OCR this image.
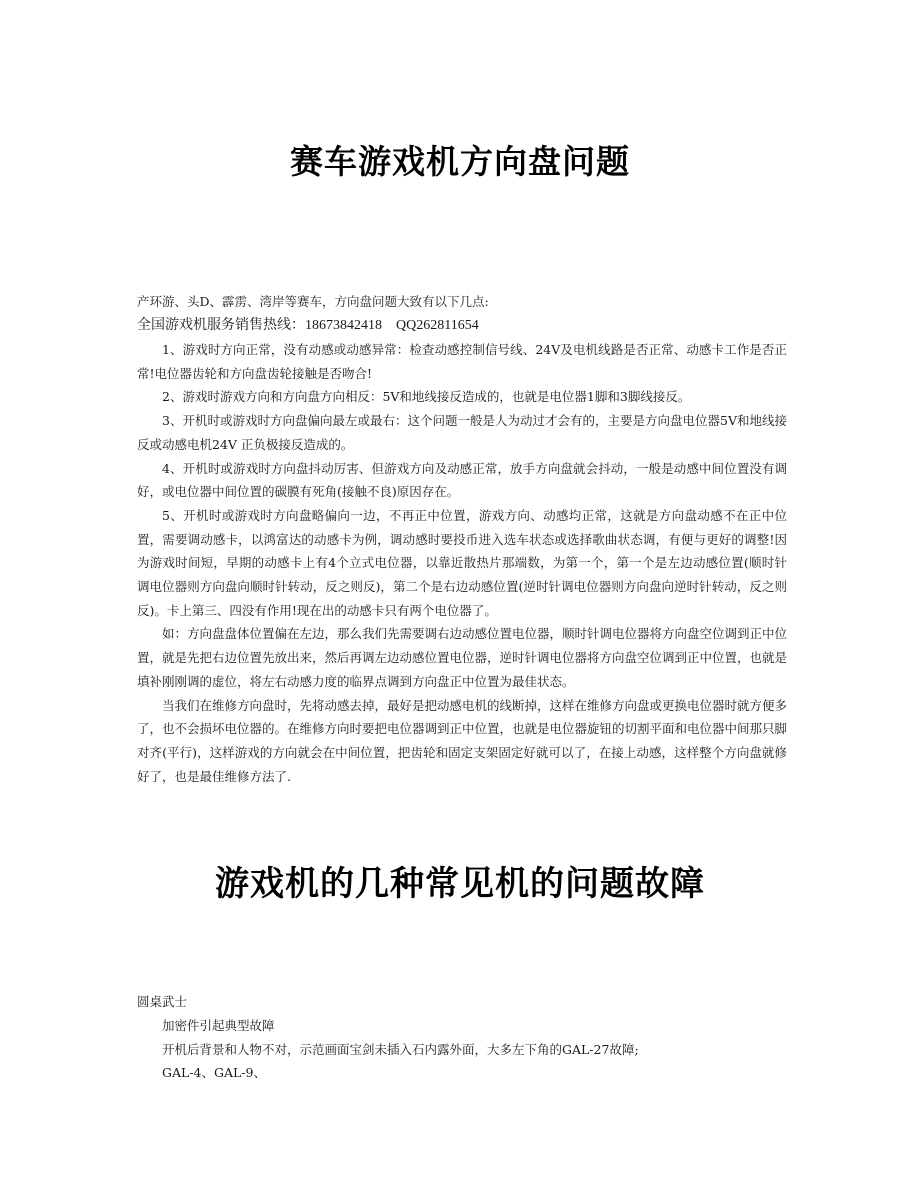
赛车游戏机方向盘问题

产环游、头D、霹雳、湾岸等赛车，方向盘问题大致有以下几点:

全国游戏机服务销售热线：18673842418 QQ262811654

1、游戏时方向正常，没有动感或动感异常：检查动感控制信号线、24V及电机线路是否正常、动感卡工作是否正常!电位器齿轮和方向盘齿轮接触是否吻合!

2、游戏时游戏方向和方向盘方向相反：5V和地线接反造成的，也就是电位器1脚和3脚线接反。

3、开机时或游戏时方向盘偏向最左或最右：这个问题一般是人为动过才会有的，主要是方向盘电位器5V和地线接反或动感电机24V 正负极接反造成的。

4、开机时或游戏时方向盘抖动厉害、但游戏方向及动感正常，放手方向盘就会抖动，一般是动感中间位置没有调好，或电位器中间位置的碳膜有死角(接触不良)原因存在。

5、开机时或游戏时方向盘略偏向一边，不再正中位置，游戏方向、动感均正常，这就是方向盘动感不在正中位置，需要调动感卡，以鸿富达的动感卡为例，调动感时要投币进入选车状态或选择歌曲状态调，有便与更好的调整!因为游戏时间短，早期的动感卡上有4个立式电位器，以靠近散热片那端数，为第一个，第一个是左边动感位置(顺时针调电位器则方向盘向顺时针转动，反之则反)，第二个是右边动感位置(逆时针调电位器则方向盘向逆时针转动，反之则反)。卡上第三、四没有作用!现在出的动感卡只有两个电位器了。

如：方向盘盘体位置偏在左边，那么我们先需要调右边动感位置电位器，顺时针调电位器将方向盘空位调到正中位置，就是先把右边位置先放出来，然后再调左边动感位置电位器，逆时针调电位器将方向盘空位调到正中位置，也就是填补刚刚调的虚位，将左右动感力度的临界点调到方向盘正中位置为最佳状态。

当我们在维修方向盘时，先将动感去掉，最好是把动感电机的线断掉，这样在维修方向盘或更换电位器时就方便多了，也不会损坏电位器的。在维修方向时要把电位器调到正中位置，也就是电位器旋钮的切割平面和电位器中间那只脚对齐(平行)，这样游戏的方向就会在中间位置，把齿轮和固定支架固定好就可以了，在接上动感，这样整个方向盘就修好了，也是最佳维修方法了.

游戏机的几种常见机的问题故障

圆桌武士

加密件引起典型故障

开机后背景和人物不对，示范画面宝剑未插入石内露外面，大多左下角的GAL-27故障;

GAL-4、GAL-9、
